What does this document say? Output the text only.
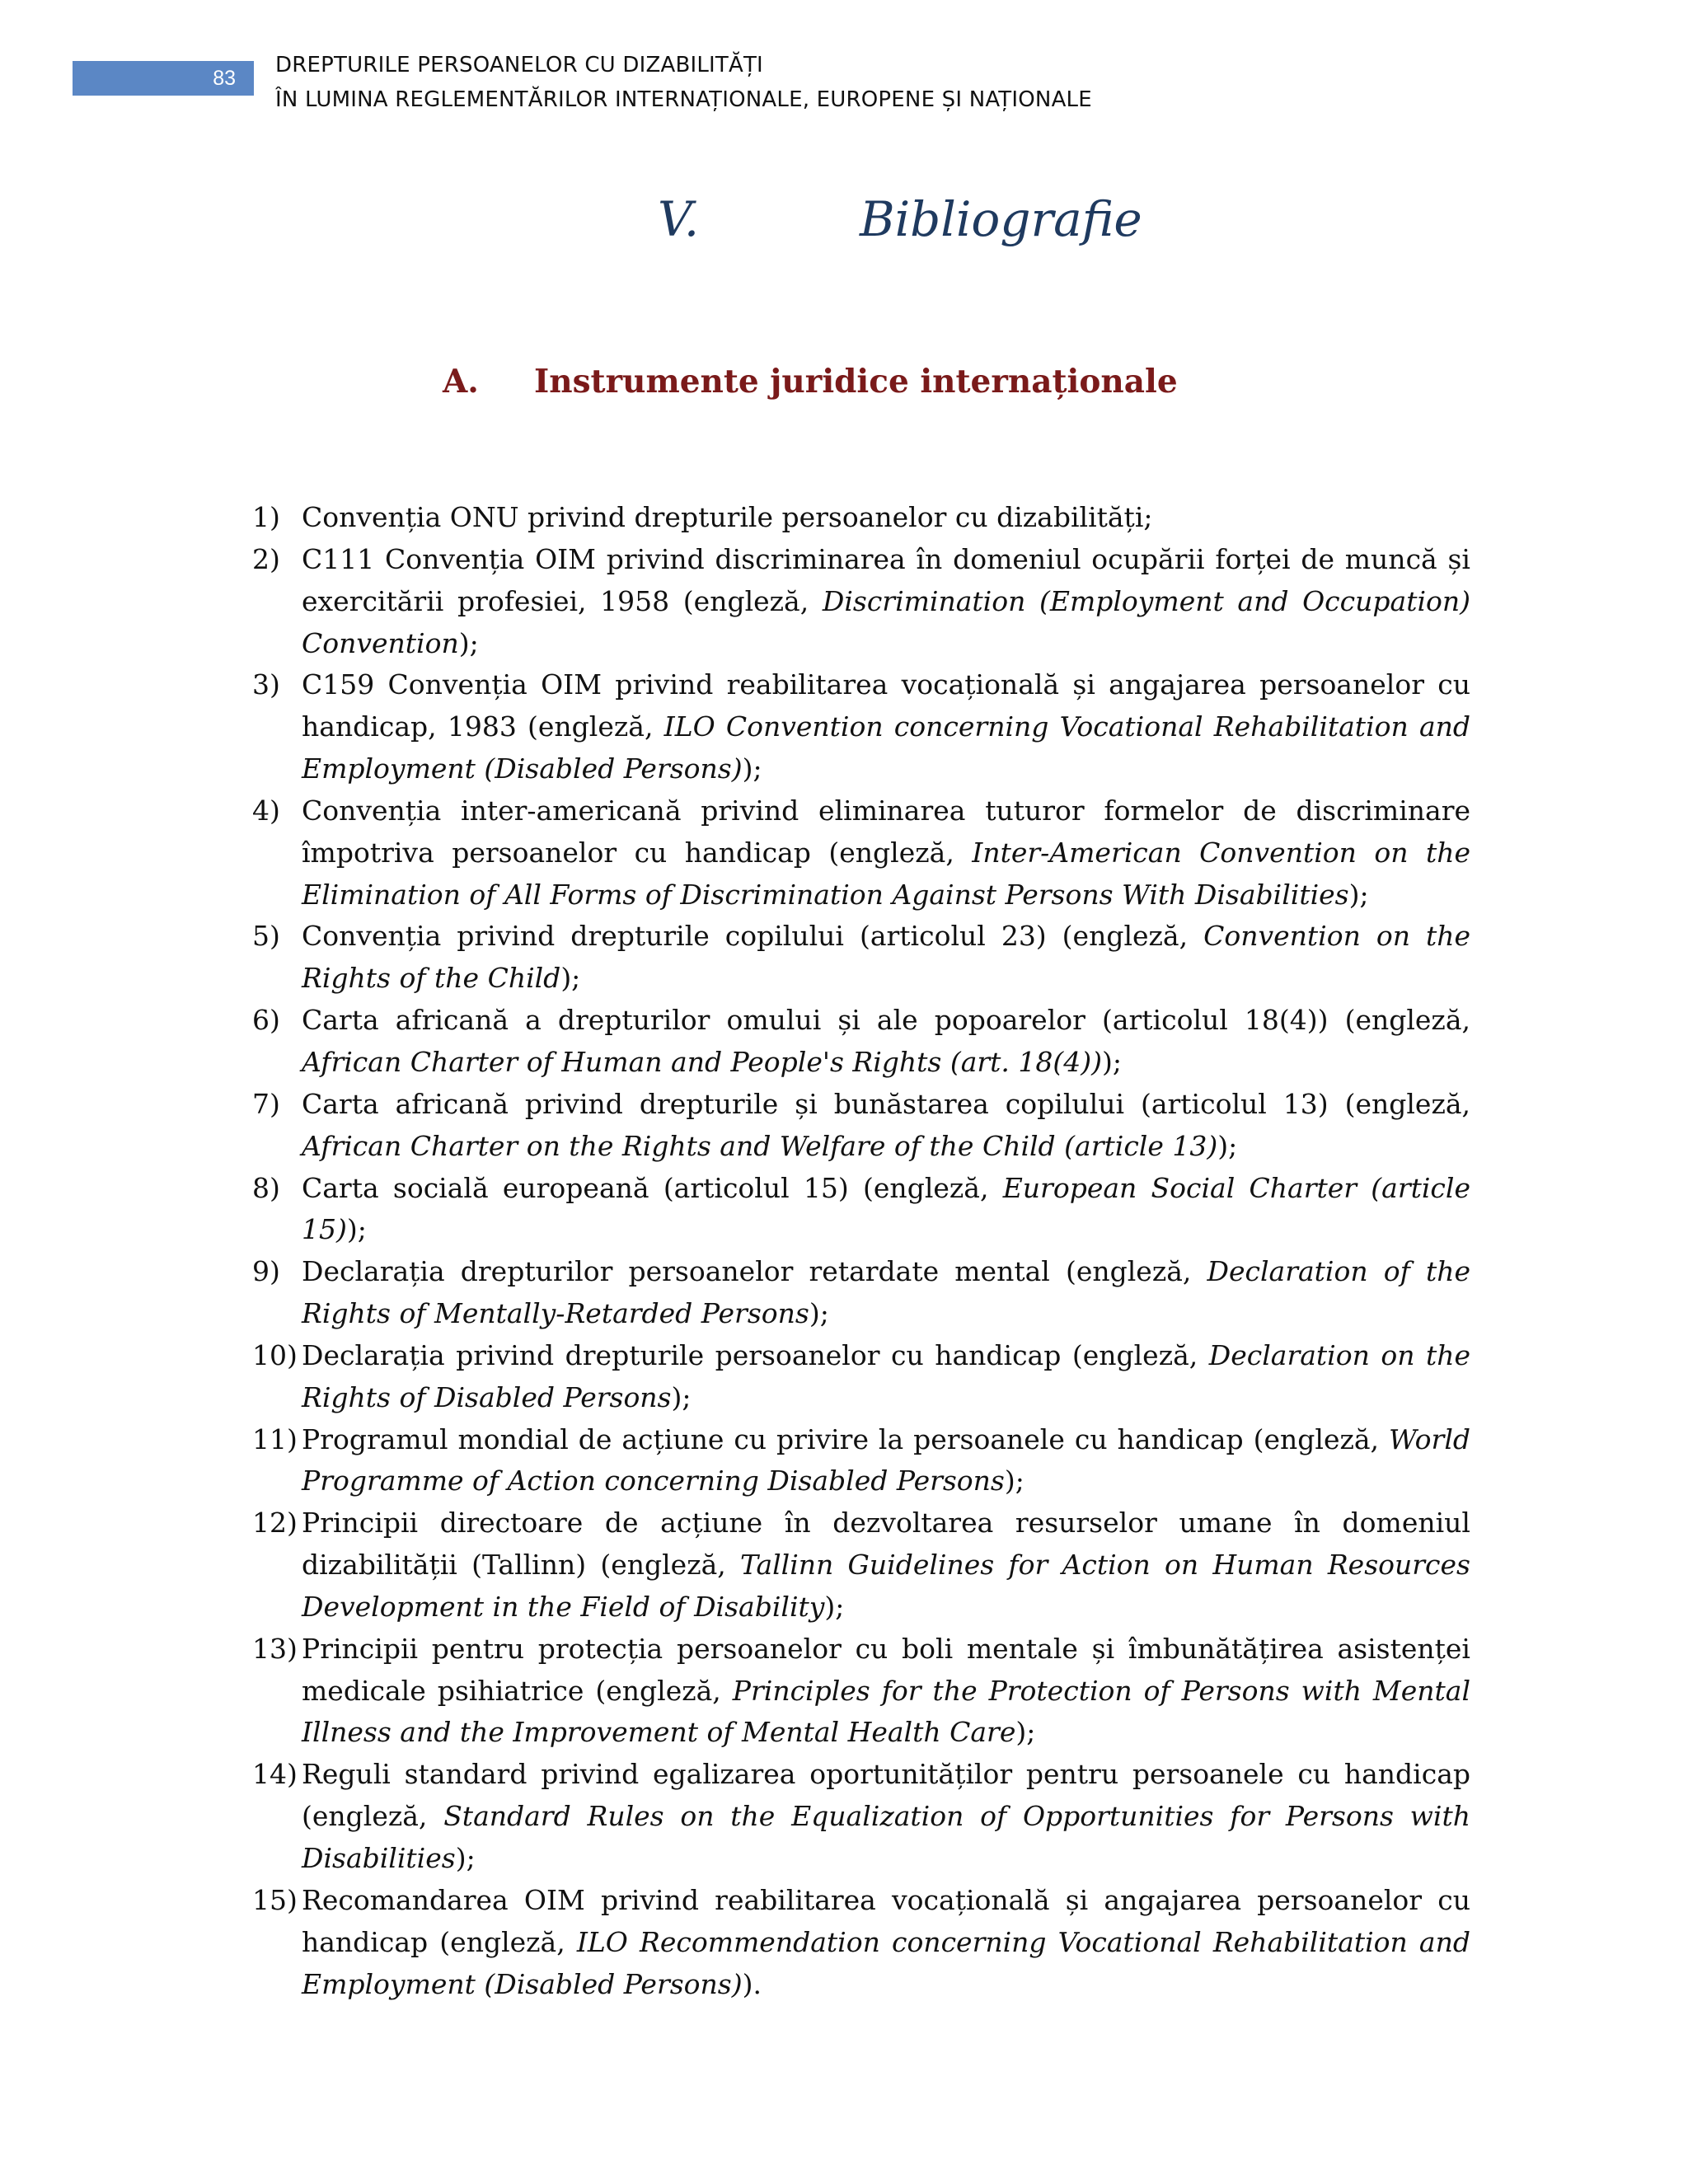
83
DREPTURILE PERSOANELOR CU DIZABILITĂȚI
ÎN LUMINA REGLEMENTĂRILOR INTERNAȚIONALE, EUROPENE ȘI NAȚIONALE
V.	Bibliografie
A. Instrumente juridice internaționale
1) Convenția ONU privind drepturile persoanelor cu dizabilități;
2) C111 Convenția OIM privind discriminarea în domeniul ocupării forței de muncă și exercitării profesiei, 1958 (engleză, Discrimination (Employment and Occupation) Convention);
3) C159 Convenția OIM privind reabilitarea vocațională și angajarea persoanelor cu handicap, 1983 (engleză, ILO Convention concerning Vocational Rehabilitation and Employment (Disabled Persons));
4) Convenția inter-americană privind eliminarea tuturor formelor de discriminare împotriva persoanelor cu handicap (engleză, Inter-American Convention on the Elimination of All Forms of Discrimination Against Persons With Disabilities);
5) Convenția privind drepturile copilului (articolul 23) (engleză, Convention on the Rights of the Child);
6) Carta africană a drepturilor omului și ale popoarelor (articolul 18(4)) (engleză, African Charter of Human and People's Rights (art. 18(4)));
7) Carta africană privind drepturile și bunăstarea copilului (articolul 13) (engleză, African Charter on the Rights and Welfare of the Child (article 13));
8) Carta socială europeană (articolul 15) (engleză, European Social Charter (article 15));
9) Declarația drepturilor persoanelor retardate mental (engleză, Declaration of the Rights of Mentally-Retarded Persons);
10) Declarația privind drepturile persoanelor cu handicap (engleză, Declaration on the Rights of Disabled Persons);
11) Programul mondial de acțiune cu privire la persoanele cu handicap (engleză, World Programme of Action concerning Disabled Persons);
12) Principii directoare de acțiune în dezvoltarea resurselor umane în domeniul dizabilității (Tallinn) (engleză, Tallinn Guidelines for Action on Human Resources Development in the Field of Disability);
13) Principii pentru protecția persoanelor cu boli mentale și îmbunătățirea asistenței medicale psihiatrice (engleză, Principles for the Protection of Persons with Mental Illness and the Improvement of Mental Health Care);
14) Reguli standard privind egalizarea oportunităților pentru persoanele cu handicap (engleză, Standard Rules on the Equalization of Opportunities for Persons with Disabilities);
15) Recomandarea OIM privind reabilitarea vocațională și angajarea persoanelor cu handicap (engleză, ILO Recommendation concerning Vocational Rehabilitation and Employment (Disabled Persons)).
